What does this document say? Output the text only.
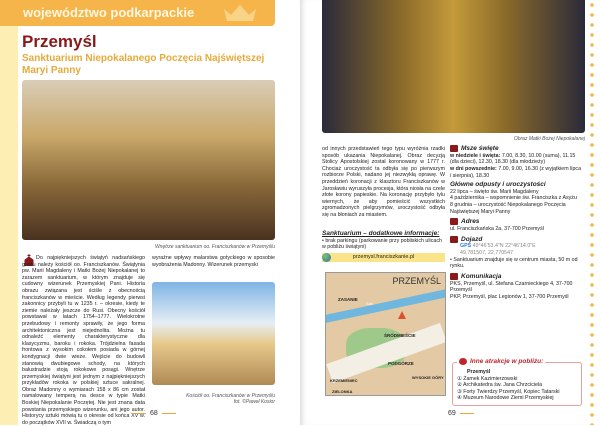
województwo podkarpackie
Przemyśl
Sanktuarium Niepokalanego Poczęcia Najświętszej Maryi Panny
Wnętrze sanktuarium oo. Franciszkanów w Przemyślu
Do najpiękniejszych świątyń nadsańskiego grodu należy kościół oo. Franciszkanów. Świątynia pw. Marii Magdaleny i Matki Bożej Niepokalanej to zarazem sanktuarium, w którym znajduje się cudowny wizerunek Przemyskiej Pani. Historia obrazu związana jest ściśle z obecnością franciszkanów w mieście. Według legendy pierwsi zakonnicy przybyli tu w 1235 r. – okresie, kiedy te ziemie należały jeszcze do Rusi. Obecny kościół powstawał w latach 1754–1777. Wielokrotne przebudowy i remonty sprawiły, że jego forma architektoniczna jest niejednolita. Można tu odnaleźć elementy charakterystyczne dla klasycyzmu, baroku i rokoka. Trójdzielna fasada frontowa z wysokim cokołem posiada w górnej kondygnacji dwie wieże. Wejście do budowli stanowią dwubiegowe schody, na których balustradzie stoją rokokowe posągi. Wnętrze przemyskiej świątyni jest jednym z najpiękniejszych przykładów rokoka w polskiej sztuce sakralnej. Obraz Madonny o wymiarach 158 x 86 cm został namalowany temperą na desce w typie Matki Boskiej Niepokalanie Poczętej. Nie jest znana data powstania przemyskiego wizerunku, ani jego autor. Historycy sztuki mówią tu o okresie od końca XV w. do początków XVII w. Świadczą o tym
wyraźne wpływy malarstwa gotyckiego w sposobie wyobrażenia Madonny. Wizerunek przemyski
Kościół oo. Franciszkanów w Przemyślu
fot. ©Paweł Kosior
68
Obraz Matki Bożej Niepokalanej
od innych przedstawień tego typu wyróżnia rzadki sposób ukazania Niepokalanej. Obraz decyzją Stolicy Apostolskiej został koronowany w 1777 r. Chociaż uroczystość ta odbyła się po pierwszym rozbiorze Polski, nadano jej niezwykłą oprawę. W przeddzień koronacji z klasztoru Franciszkanów w Jarosławiu wyruszyła procesja, która niosła na czele złote korony papieskie. Na koronację przybyło tylu wiernych, że aby pomieścić wszystkich zgromadzonych pielgrzymów, uroczystość odbyła się na błoniach za miastem.
Sanktuarium – dodatkowe informacje:
• brak parkingu (parkowanie przy pobliskich ulicach w pobliżu świątyni)
przemysl.franciszkanie.pl
PRZEMYŚL
ZASANIE
ŚRÓDMIEŚCIE
PODGÓRZE
KRZEMIENIEC
WYSOKIE GÓRY
ZIELONKA
San
Msze święte
w niedziele i święta: 7.00, 8.30, 10.00 (suma), 11.15 (dla dzieci), 12.30, 18.30 (dla młodzieży)
w dni powszednie: 7.00, 9.00, 16.30 (z wyjątkiem lipca i sierpnia), 18.30
Główne odpusty i uroczystości
22 lipca – święto św. Marii Magdaleny
4 października – wspomnienie św. Franciszka z Asyżu
8 grudnia – uroczystość Niepokalanego Poczęcia Najświętszej Maryi Panny
Adres
ul. Franciszkańska 2a, 37-700 Przemyśl
Dojazd
GPS 49°46'53.4"N 22°46'14.0"E
49.781507, 22.770547
• Sanktuarium znajduje się w centrum miasta, 50 m od rynku.
Komunikacja
PKS, Przemyśl, ul. Stefana Czarnieckiego 4, 37-700 Przemyśl
PKP, Przemyśl, plac Legionów 1, 37-700 Przemyśl
Inne atrakcje w pobliżu:
Przemyśl
① Zamek Kazimierzowski
② Archikatedra św. Jana Chrzciciela
③ Forty Twierdzy Przemyśl, Kopiec Tatarski
④ Muzeum Narodowe Ziemi Przemyskiej
69
